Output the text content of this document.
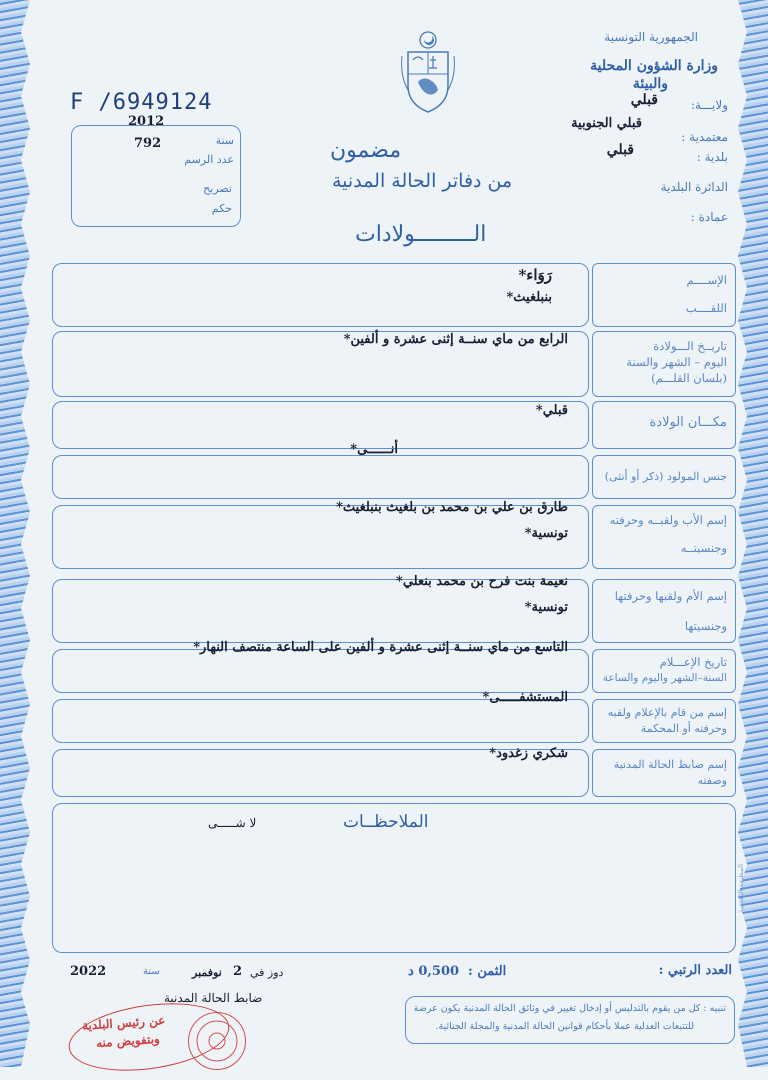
الجمهورية التونسية
وزارة الشؤون المحلية
والبيئة
ولايـــة:
قبلي
معتمدية :
قبلي الجنوبية
بلدية :
قبلي
الدائرة البلدية
عمادة :
F /6949124
2012
792	سنة
عدد الرسم
تصريح
حكم
مضمون
من دفاتر الحالة المدنية
الـــــــــولادات
رَوَاء*
بنبلغيث*
الإســــم
اللقــــب
الرابع من ماي سنــة إثنى عشرة و ألفين*	تاريــخ الـــولادة
اليوم – الشهر والسنة
(بلسان القلـــم)
قبلي*
مكـــان الولادة
أنــــــى*
جنس المولود (ذكر أو أنثى)
طارق بن علي بن محمد بن بلغيث بنبلغيث*
تونسية*
إسم الأب ولقبــه وحرفته
وجنسيتــه
نعيمة بنت فرح بن محمد بنعلي*
تونسية*
إسم الأم ولقبها وحرفتها
وجنسيتها
التاسع من ماي سنــة إثنى عشرة و ألفين على الساعة منتصف النهار*
تاريخ الإعـــلام
السنة–الشهر واليوم والساعة
المستشفـــــى*
إسم من قام بالإعلام ولقبه
وحرفته أو المحكمة
شكري زغدود*
إسم ضابط الحالة المدنية
وصفته
الملاحظــات
لا شـــــى
المطبعة الرسمية
العدد الرتبي :
الثمن :
0,500 د
دوز في
2
نوفمبر
سنة
2022
ضابط الحالة المدنية
تنبيه : كل من يقوم بالتدليس أو إدخال تغيير في وثائق الحالة المدنية يكون عرضة
للتتبعات العدلية عملا بأحكام قوانين الحالة المدنية والمجلة الجنائية.
عن رئيس البلدية
وبتفويض منه
